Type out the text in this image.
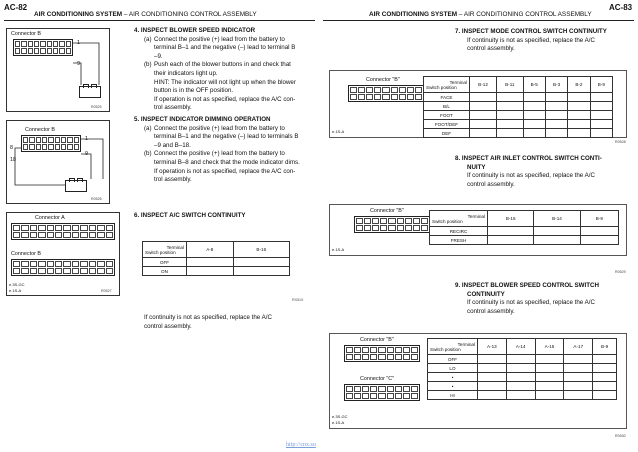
AC-82
AIR CONDITIONING SYSTEM – AIR CONDITIONING CONTROL ASSEMBLY
Connector B
1
9
R0525
Connector B
1
8
9
18
R0526
Connector A
Connector B
e.3S-GC
e.1S-A	R0527
4. INSPECT BLOWER SPEED INDICATOR
(a) Connect the positive (+) lead from the battery to
terminal B–1 and the negative (–) lead to terminal B
–9.
(b) Push each of the blower buttons in and check that
their indicators light up.
HINT: The indicator will not light up when the blower
button is in the OFF position.
If operation is not as specified, replace the A/C con-
trol assembly.
5. INSPECT INDICATOR DIMMING OPERATION
(a) Connect the positive (+) lead from the battery to
terminal B–1 and the negative (–) lead to terminals B
–9 and B–18.
(b) Connect the positive (+) lead from the battery to
terminal B–8 and check that the mode indicator dims.
If operation is not as specified, replace the A/C con-
trol assembly.
6. INSPECT A/C SWITCH CONTINUITY
Terminal
Switch position	A-8	B-16
OFF		
ON		
RX51X
If continuity is not as specified, replace the A/C
control assembly.
AIR CONDITIONING SYSTEM – AIR CONDITIONING CONTROL ASSEMBLY
AC-83
7. INSPECT MODE CONTROL SWITCH CONTINUITY
If continuity is not as specified, replace the A/C
control assembly.
Connector "B"
e.1S-A
Terminal
Switch position	B-12	B-11	B-5	B-3	B-2	B-9
FACE						
B/L						
FOOT						
FOOT/DEF						
DEF						
R0528
8. INSPECT AIR INLET CONTROL SWITCH CONTI-
NUITY
If continuity is not as specified, replace the A/C
control assembly.
Connector "B"
e.1S-A
Terminal
Switch position	B-15	B-14	B-9
RECIRC			
FRESH			
R0529
9. INSPECT BLOWER SPEED CONTROL SWITCH
CONTINUITY
If continuity is not as specified, replace the A/C
control assembly.
Connector "B"
Connector "C"
e.3S-GC
e.1S-A
Terminal
Switch position	A-13	A-14	A-15	A-17	B-9
OFF					
LO					
•					
•					
HI					
R0530
http://cnx.su
